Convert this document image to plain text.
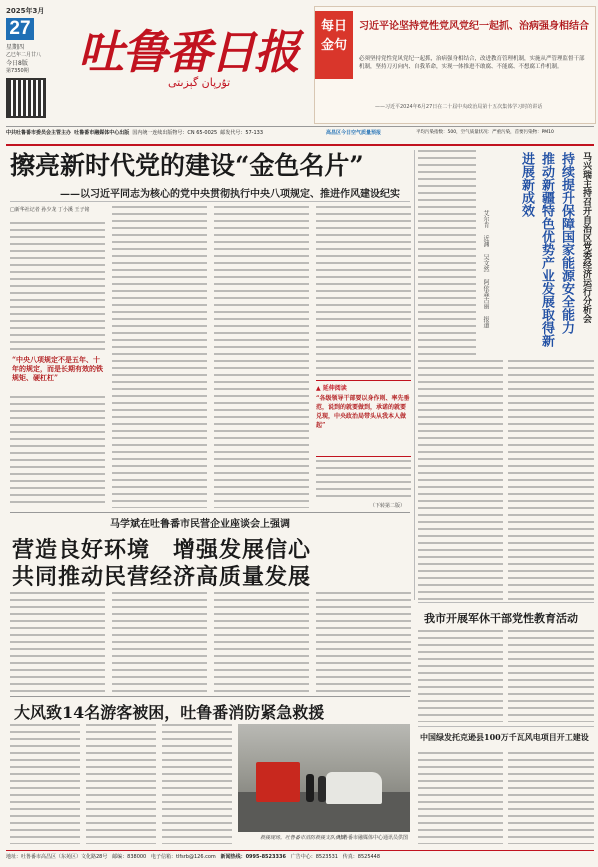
2025年3月
27
星期四
乙巳年二月廿八
今日8版
第7350期	吐鲁番日报
تۇرپان گېزىتى
每日金句
习近平论坚持党性党风党纪一起抓、治病强身相结合
必须坚持党性党风党纪一起抓，治病强身相结合，改进教育管理机制，实施从严管理监督干部机制，坚持刀刃向内、自我革命，实现一体推进不敢腐、不能腐、不想腐工作机制。
——习近平2024年6月27日在二十届中央政治局第十五次集体学习时的讲话
中共吐鲁番市委员会主管主办 吐鲁番市融媒体中心出版 国内统一连续出版物号：CN 65-0025 邮发代号：57-133	高昌区今日空气质量预报	平均污染指数：500，空气质量状况：严重污染，首要污染物：PM10
擦亮新时代党的建设“金色名片”
——以习近平同志为核心的党中央贯彻执行中央八项规定、推进作风建设纪实
□新华社记者 孙少龙 丁小溪 王子铭
“中央八项规定不是五年、十年的规定，而是长期有效的铁规矩、硬杠杠”
▲ 延伸阅读
“各级领导干部要以身作则、率先垂范，说到的就要做到，承诺的就要兑现，中央政治局带头从我本人做起”
（下转第二版）
马兴瑞主持召开自治区党委经济运行分析会
持续提升保障国家能源安全能力 推动新疆特色优势产业发展取得新进展新成效
艾尔肯 近渊 吴文然 阿依森古丽 报道
马学斌在吐鲁番市民营企业座谈会上强调
营造良好环境　增强发展信心
共同推动民营经济高质量发展
我市开展军休干部党性教育活动
大风致14名游客被困，吐鲁番消防紧急救援
救援现场。吐鲁番市消防救援支队供图
吐鲁番市融媒体中心通讯员供图
中国绿发托克逊县100万千瓦风电项目开工建设
地址：吐鲁番市高昌区（东苑区）文化路28号 邮编：838000 电子信箱：tlfsrb@126.com 新闻热线：0995-8523336 广告中心：8523531 传真：8525448
